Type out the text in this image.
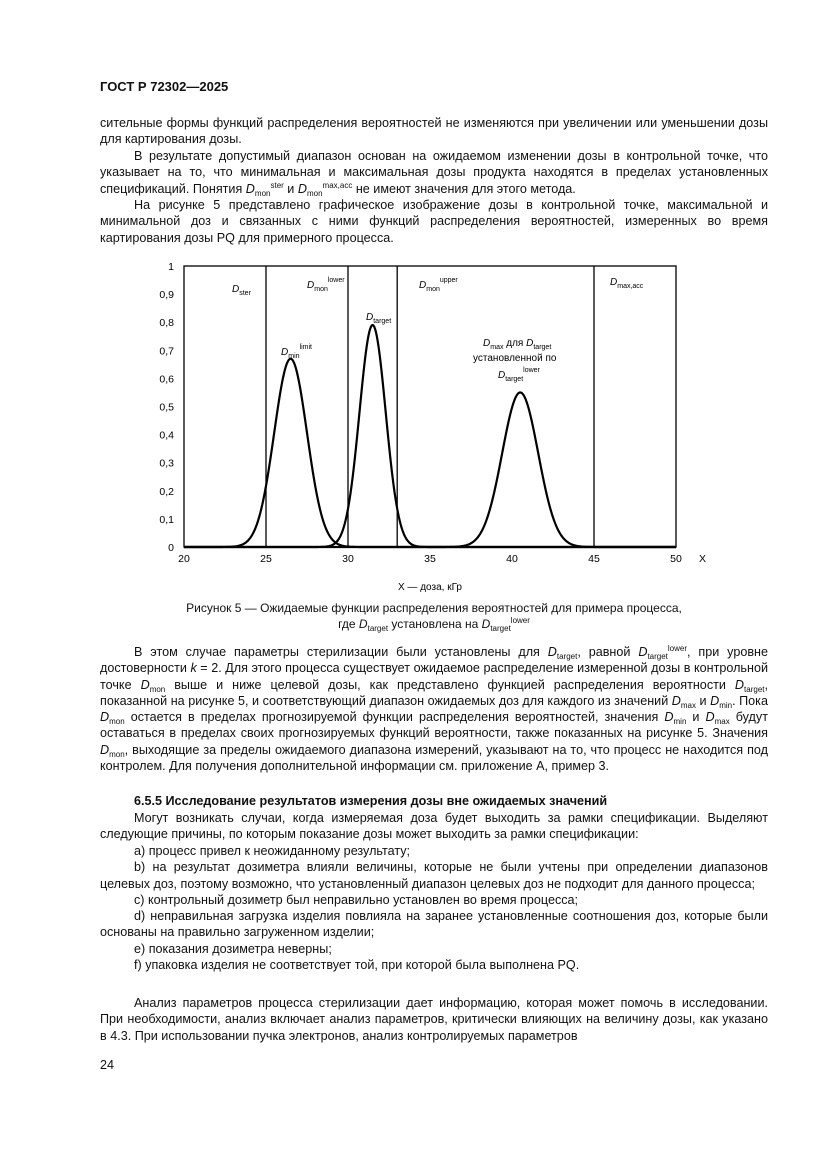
ГОСТ Р 72302—2025

сительные формы функций распределения вероятностей не изменяются при увеличении или уменьшении дозы для картирования дозы.

В результате допустимый диапазон основан на ожидаемом изменении дозы в контрольной точке, что указывает на то, что минимальная и максимальная дозы продукта находятся в пределах установленных спецификаций. Понятия $D_{mon}^{ster}$ и $D_{mon}^{max,acc}$ не имеют значения для этого метода.

На рисунке 5 представлено графическое изображение дозы в контрольной точке, максимальной и минимальной доз и связанных с ними функций распределения вероятностей, измеренных во время картирования дозы PQ для примерного процесса.

20	25	30	35	40	45	50
0
0,1
0,2
0,3
0,4
0,5
0,6
0,7
0,8
0,9
1
$D_{ster}$
$D_{mon}^{lower}$	$D_{mon}^{upper}$	$D_{max,acc}$
$D_{target}$
$D_{min}^{limit}$	$D_{max}$ для $D_{target}$
установленной по
$D_{target}^{lower}$
X
X — доза, кГр
Рисунок 5 — Ожидаемые функции распределения вероятностей для примера процесса,
где $D_{target}$ установлена на $D_{target}^{lower}$

В этом случае параметры стерилизации были установлены для $D_{target}$, равной $D_{target}^{lower}$, при уровне достоверности k = 2. Для этого процесса существует ожидаемое распределение измеренной дозы в контрольной точке $D_{mon}$ выше и ниже целевой дозы, как представлено функцией распределения вероятности $D_{target}$, показанной на рисунке 5, и соответствующий диапазон ожидаемых доз для каждого из значений $D_{max}$ и $D_{min}$. Пока $D_{mon}$ остается в пределах прогнозируемой функции распределения вероятностей, значения $D_{min}$ и $D_{max}$ будут оставаться в пределах своих прогнозируемых функций вероятности, также показанных на рисунке 5. Значения $D_{mon}$, выходящие за пределы ожидаемого диапазона измерений, указывают на то, что процесс не находится под контролем. Для получения дополнительной информации см. приложение А, пример 3.

6.5.5 Исследование результатов измерения дозы вне ожидаемых значений

Могут возникать случаи, когда измеряемая доза будет выходить за рамки спецификации. Выделяют следующие причины, по которым показание дозы может выходить за рамки спецификации:

a) процесс привел к неожиданному результату;

b) на результат дозиметра влияли величины, которые не были учтены при определении диапазонов целевых доз, поэтому возможно, что установленный диапазон целевых доз не подходит для данного процесса;

c) контрольный дозиметр был неправильно установлен во время процесса;

d) неправильная загрузка изделия повлияла на заранее установленные соотношения доз, которые были основаны на правильно загруженном изделии;

e) показания дозиметра неверны;

f) упаковка изделия не соответствует той, при которой была выполнена PQ.

Анализ параметров процесса стерилизации дает информацию, которая может помочь в исследовании. При необходимости, анализ включает анализ параметров, критически влияющих на величину дозы, как указано в 4.3. При использовании пучка электронов, анализ контролируемых параметров

24
